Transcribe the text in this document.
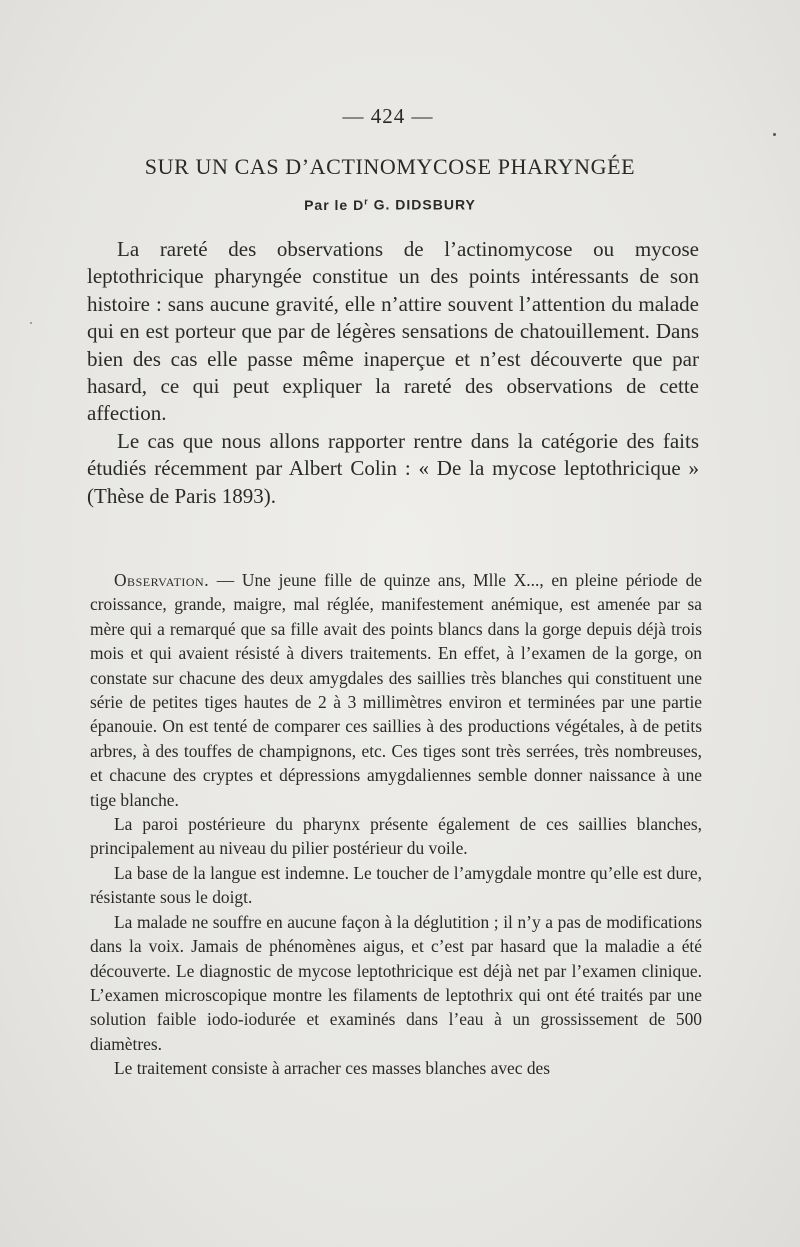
— 424 —
SUR UN CAS D’ACTINOMYCOSE PHARYNGÉE
Par le $D^r$ G. DIDSBURY

La rareté des observations de l’actinomycose ou mycose leptothricique pharyngée constitue un des points intéressants de son histoire : sans aucune gravité, elle n’attire souvent l’attention du malade qui en est porteur que par de légères sensations de chatouillement. Dans bien des cas elle passe même inaperçue et n’est découverte que par hasard, ce qui peut expliquer la rareté des observations de cette affection.

Le cas que nous allons rapporter rentre dans la catégorie des faits étudiés récemment par Albert Colin : « De la mycose leptothricique » (Thèse de Paris 1893).

Observation. — Une jeune fille de quinze ans, Mlle X..., en pleine période de croissance, grande, maigre, mal réglée, manifestement anémique, est amenée par sa mère qui a remarqué que sa fille avait des points blancs dans la gorge depuis déjà trois mois et qui avaient résisté à divers traitements. En effet, à l’examen de la gorge, on constate sur chacune des deux amygdales des saillies très blanches qui constituent une série de petites tiges hautes de 2 à 3 millimètres environ et terminées par une partie épanouie. On est tenté de comparer ces saillies à des productions végétales, à de petits arbres, à des touffes de champignons, etc. Ces tiges sont très serrées, très nombreuses, et chacune des cryptes et dépressions amygdaliennes semble donner naissance à une tige blanche.

La paroi postérieure du pharynx présente également de ces saillies blanches, principalement au niveau du pilier postérieur du voile.

La base de la langue est indemne. Le toucher de l’amygdale montre qu’elle est dure, résistante sous le doigt.

La malade ne souffre en aucune façon à la déglutition ; il n’y a pas de modifications dans la voix. Jamais de phénomènes aigus, et c’est par hasard que la maladie a été découverte. Le diagnostic de mycose leptothricique est déjà net par l’examen clinique. L’examen microscopique montre les filaments de leptothrix qui ont été traités par une solution faible iodo-iodurée et examinés dans l’eau à un grossissement de 500 diamètres.

Le traitement consiste à arracher ces masses blanches avec des
